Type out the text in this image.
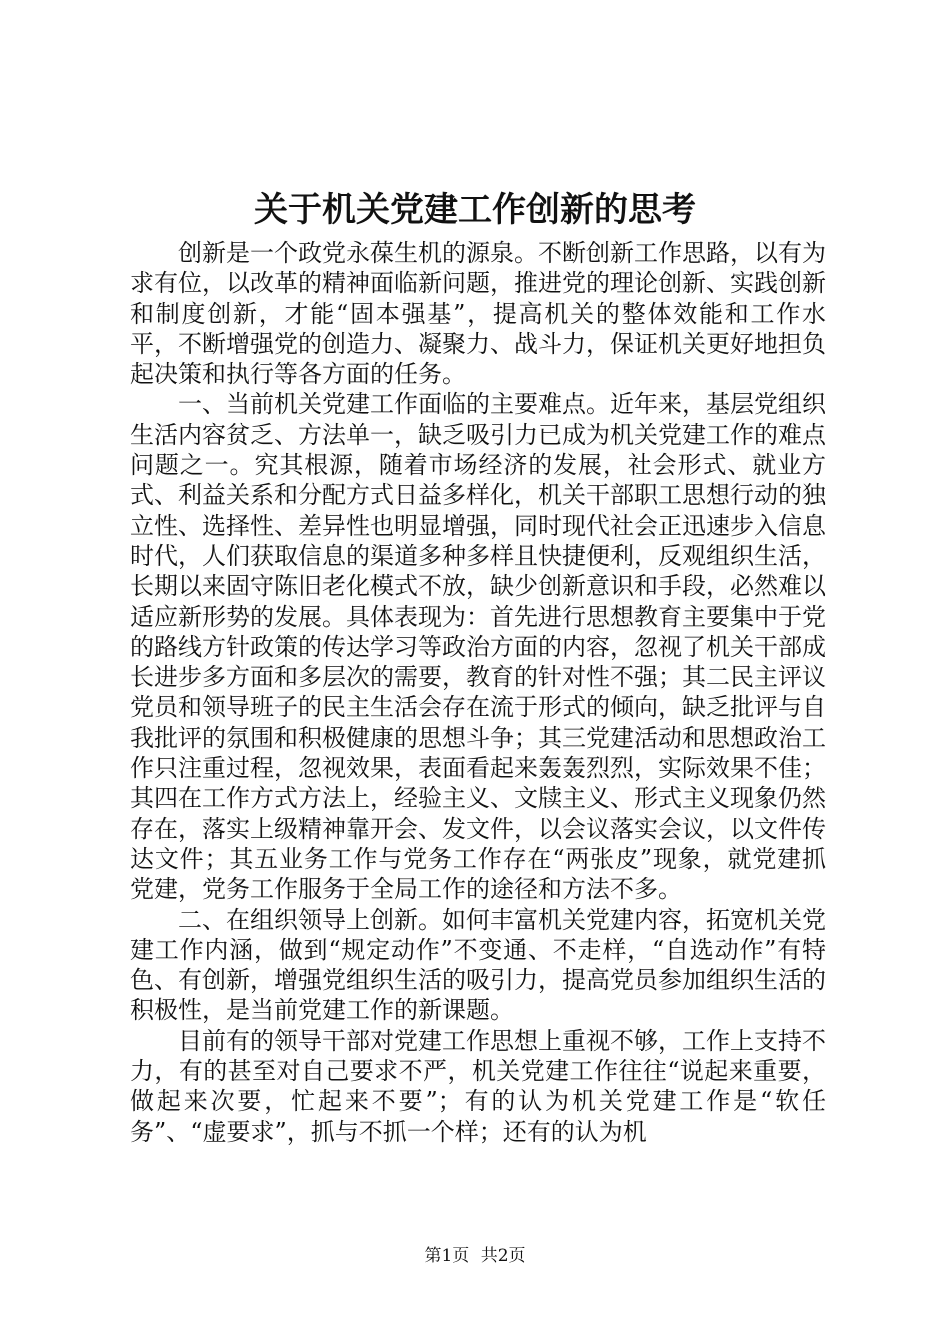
关于机关党建工作创新的思考

创新是一个政党永葆生机的源泉。不断创新工作思路，以有为求有位，以改革的精神面临新问题，推进党的理论创新、实践创新和制度创新，才能“固本强基”，提高机关的整体效能和工作水平，不断增强党的创造力、凝聚力、战斗力，保证机关更好地担负起决策和执行等各方面的任务。

一、当前机关党建工作面临的主要难点。近年来，基层党组织生活内容贫乏、方法单一，缺乏吸引力已成为机关党建工作的难点问题之一。究其根源，随着市场经济的发展，社会形式、就业方式、利益关系和分配方式日益多样化，机关干部职工思想行动的独立性、选择性、差异性也明显增强，同时现代社会正迅速步入信息时代，人们获取信息的渠道多种多样且快捷便利，反观组织生活，长期以来固守陈旧老化模式不放，缺少创新意识和手段，必然难以适应新形势的发展。具体表现为：首先进行思想教育主要集中于党的路线方针政策的传达学习等政治方面的内容，忽视了机关干部成长进步多方面和多层次的需要，教育的针对性不强；其二民主评议党员和领导班子的民主生活会存在流于形式的倾向，缺乏批评与自我批评的氛围和积极健康的思想斗争；其三党建活动和思想政治工作只注重过程，忽视效果，表面看起来轰轰烈烈，实际效果不佳；其四在工作方式方法上，经验主义、文牍主义、形式主义现象仍然存在，落实上级精神靠开会、发文件，以会议落实会议，以文件传达文件；其五业务工作与党务工作存在“两张皮”现象，就党建抓党建，党务工作服务于全局工作的途径和方法不多。

二、在组织领导上创新。如何丰富机关党建内容，拓宽机关党建工作内涵，做到“规定动作”不变通、不走样，“自选动作”有特色、有创新，增强党组织生活的吸引力，提高党员参加组织生活的积极性，是当前党建工作的新课题。

目前有的领导干部对党建工作思想上重视不够，工作上支持不力，有的甚至对自己要求不严，机关党建工作往往“说起来重要，做起来次要，忙起来不要”；有的认为机关党建工作是“软任务”、“虚要求”，抓与不抓一个样；还有的认为机

第1页 共2页
